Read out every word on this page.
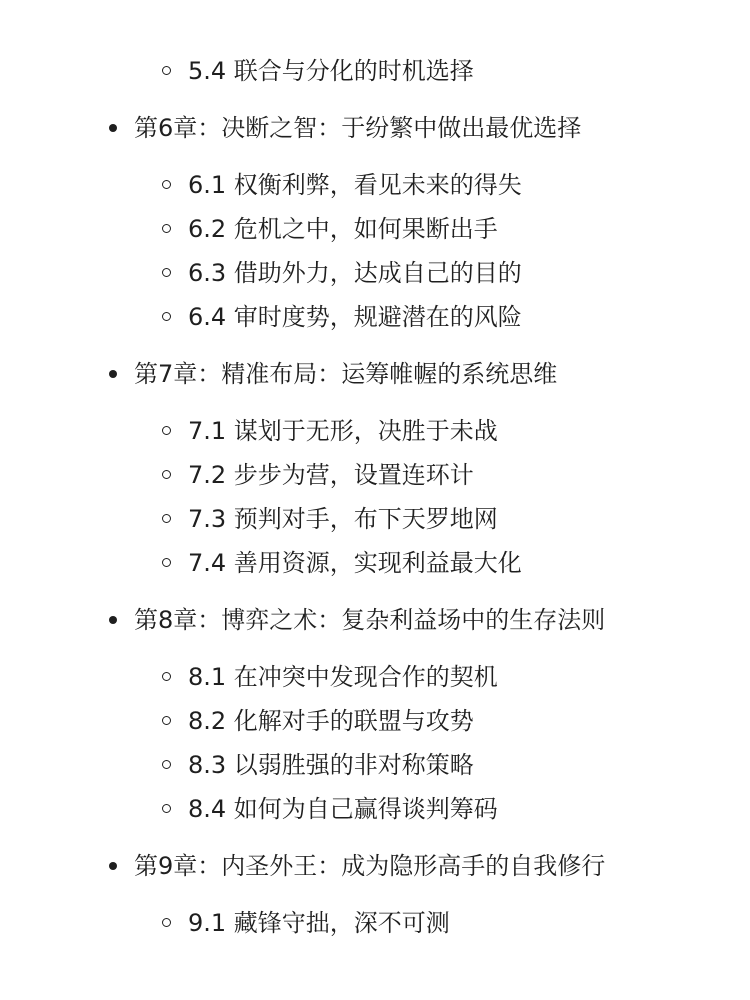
5.4 联合与分化的时机选择
第6章：决断之智：于纷繁中做出最优选择
6.1 权衡利弊，看见未来的得失
6.2 危机之中，如何果断出手
6.3 借助外力，达成自己的目的
6.4 审时度势，规避潜在的风险
第7章：精准布局：运筹帷幄的系统思维
7.1 谋划于无形，决胜于未战
7.2 步步为营，设置连环计
7.3 预判对手，布下天罗地网
7.4 善用资源，实现利益最大化
第8章：博弈之术：复杂利益场中的生存法则
8.1 在冲突中发现合作的契机
8.2 化解对手的联盟与攻势
8.3 以弱胜强的非对称策略
8.4 如何为自己赢得谈判筹码
第9章：内圣外王：成为隐形高手的自我修行
9.1 藏锋守拙，深不可测
